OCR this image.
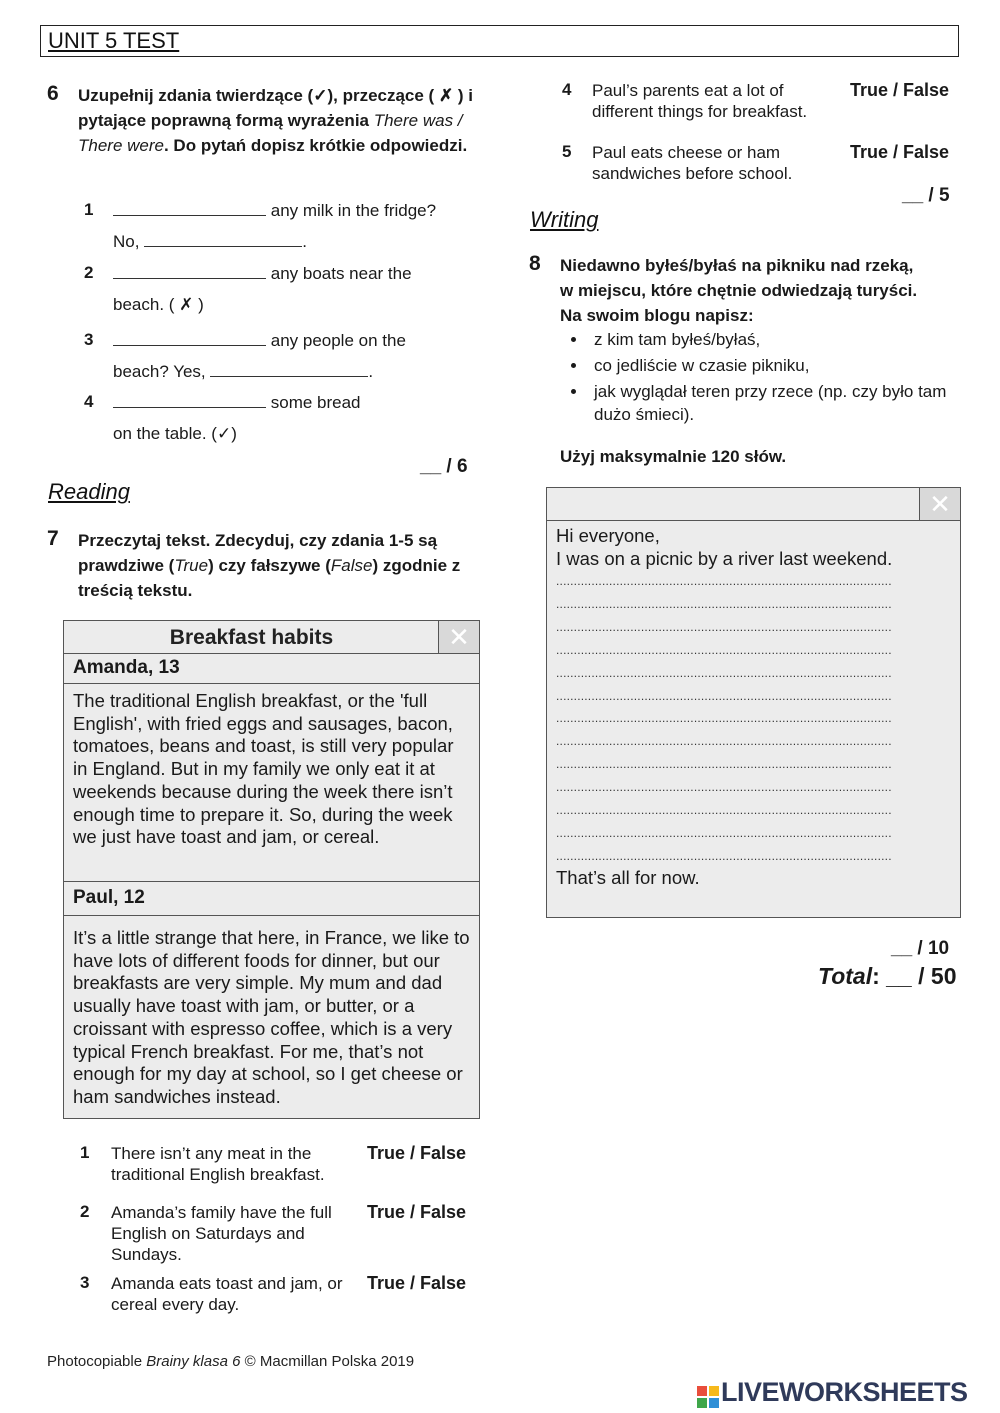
UNIT 5 TEST
6 Uzupełnij zdania twierdzące (✓), przeczące ( ✗ ) i pytające poprawną formą wyrażenia There was / There were. Do pytań dopisz krótkie odpowiedzi.
1	any milk in the fridge?
No,	.
2	any boats near the
beach. ( ✗ )
3	any people on the
beach? Yes,	.
4	some bread
on the table. (✓)
__ / 6
Reading
7 Przeczytaj tekst. Zdecyduj, czy zdania 1-5 są prawdziwe (True) czy fałszywe (False) zgodnie z treścią tekstu.
Breakfast habits	✕
Amanda, 13
The traditional English breakfast, or the 'full English', with fried eggs and sausages, bacon, tomatoes, beans and toast, is still very popular in England. But in my family we only eat it at weekends because during the week there isn’t enough time to prepare it. So, during the week we just have toast and jam, or cereal.
Paul, 12
It’s a little strange that here, in France, we like to have lots of different foods for dinner, but our breakfasts are very simple. My mum and dad usually have toast with jam, or butter, or a croissant with espresso coffee, which is a very typical French breakfast. For me, that’s not enough for my day at school, so I get cheese or ham sandwiches instead.
1 There isn’t any meat in the traditional English breakfast.
True / False
2 Amanda’s family have the full English on Saturdays and Sundays.
True / False
3 Amanda eats toast and jam, or cereal every day.
True / False
4 Paul’s parents eat a lot of different things for breakfast.
True / False
5 Paul eats cheese or ham sandwiches before school.
True / False
__ / 5
Writing
8 Niedawno byłeś/byłaś na pikniku nad rzeką, w miejscu, które chętnie odwiedzają turyści. Na swoim blogu napisz:
• z kim tam byłeś/byłaś,
• co jedliście w czasie pikniku,
• jak wyglądał teren przy rzece (np. czy było tam dużo śmieci).
Użyj maksymalnie 120 słów.
✕
Hi everyone,
I was on a picnic by a river last weekend.
...............................................................................................
...............................................................................................
...............................................................................................
...............................................................................................
...............................................................................................
...............................................................................................
...............................................................................................
...............................................................................................
...............................................................................................
...............................................................................................
...............................................................................................
...............................................................................................
...............................................................................................
That’s all for now.
__ / 10
Total: __ / 50
Photocopiable Brainy klasa 6 © Macmillan Polska 2019
LIVEWORKSHEETS
